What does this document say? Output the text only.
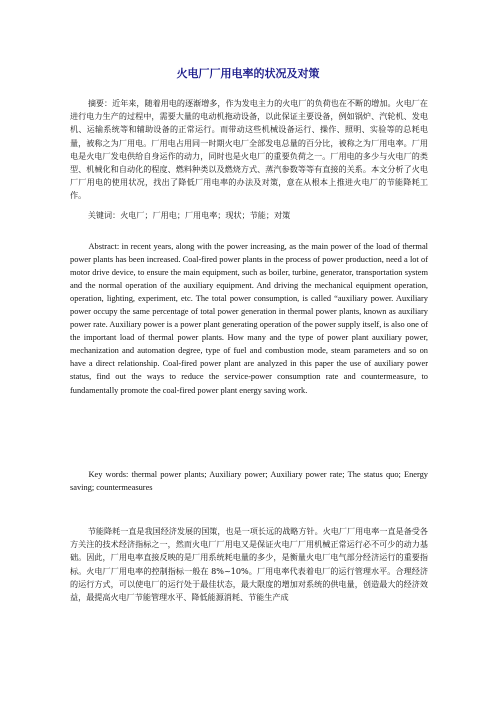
火电厂厂用电率的状况及对策

摘要：近年来，随着用电的逐渐增多，作为发电主力的火电厂的负荷也在不断的增加。火电厂在进行电力生产的过程中，需要大量的电动机拖动设备，以此保证主要设备，例如锅炉、汽轮机、发电机、运输系统等和辅助设备的正常运行。而带动这些机械设备运行、操作、照明、实验等的总耗电量，被称之为厂用电。厂用电占用同一时期火电厂全部发电总量的百分比，被称之为厂用电率。厂用电是火电厂发电供给自身运作的动力，同时也是火电厂的重要负荷之一。厂用电的多少与火电厂的类型、机械化和自动化的程度、燃料种类以及燃烧方式、蒸汽参数等等有直接的关系。本文分析了火电厂厂用电的使用状况，找出了降低厂用电率的办法及对策，意在从根本上推进火电厂的节能降耗工作。

关键词：火电厂；厂用电；厂用电率；现状；节能；对策

Abstract: in recent years, along with the power increasing, as the main power of the load of thermal power plants has been increased. Coal-fired power plants in the process of power production, need a lot of motor drive device, to ensure the main equipment, such as boiler, turbine, generator, transportation system and the normal operation of the auxiliary equipment. And driving the mechanical equipment operation, operation, lighting, experiment, etc. The total power consumption, is called “auxiliary power. Auxiliary power occupy the same percentage of total power generation in thermal power plants, known as auxiliary power rate. Auxiliary power is a power plant generating operation of the power supply itself, is also one of the important load of thermal power plants. How many and the type of power plant auxiliary power, mechanization and automation degree, type of fuel and combustion mode, steam parameters and so on have a direct relationship. Coal-fired power plant are analyzed in this paper the use of auxiliary power status, find out the ways to reduce the service-power consumption rate and countermeasure, to fundamentally promote the coal-fired power plant energy saving work.

Key words: thermal power plants; Auxiliary power; Auxiliary power rate; The status quo; Energy saving; countermeasures

节能降耗一直是我国经济发展的国策，也是一项长远的战略方针。火电厂厂用电率一直是备受各方关注的技术经济指标之一，然而火电厂厂用电又是保证火电厂厂用机械正常运行必不可少的动力基础。因此，厂用电率直接反映的是厂用系统耗电量的多少，是衡量火电厂电气部分经济运行的重要指标。火电厂厂用电率的控制指标一般在 8%~10%。厂用电率代表着电厂的运行管理水平。合理经济的运行方式，可以使电厂的运行处于最佳状态，最大限度的增加对系统的供电量，创造最大的经济效益，最提高火电厂节能管理水平、降低能源消耗、节能生产成
